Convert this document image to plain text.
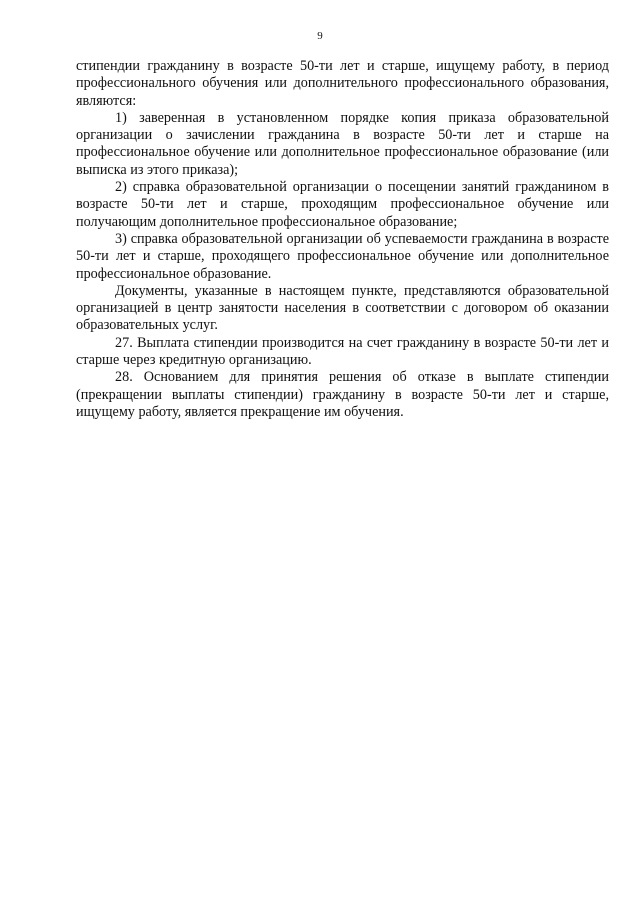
9

стипендии гражданину в возрасте 50-ти лет и старше, ищущему работу, в период профессионального обучения или дополнительного профессионального образования, являются:

1) заверенная в установленном порядке копия приказа образовательной организации о зачислении гражданина в возрасте 50-ти лет и старше на профессиональное обучение или дополнительное профессиональное образование (или выписка из этого приказа);

2) справка образовательной организации о посещении занятий гражданином в возрасте 50-ти лет и старше, проходящим профессиональное обучение или получающим дополнительное профессиональное образование;

3) справка образовательной организации об успеваемости гражданина в возрасте 50-ти лет и старше, проходящего профессиональное обучение или дополнительное профессиональное образование.

Документы, указанные в настоящем пункте, представляются образовательной организацией в центр занятости населения в соответствии с договором об оказании образовательных услуг.

27. Выплата стипендии производится на счет гражданину в возрасте 50-ти лет и старше через кредитную организацию.

28. Основанием для принятия решения об отказе в выплате стипендии (прекращении выплаты стипендии) гражданину в возрасте 50-ти лет и старше, ищущему работу, является прекращение им обучения.
